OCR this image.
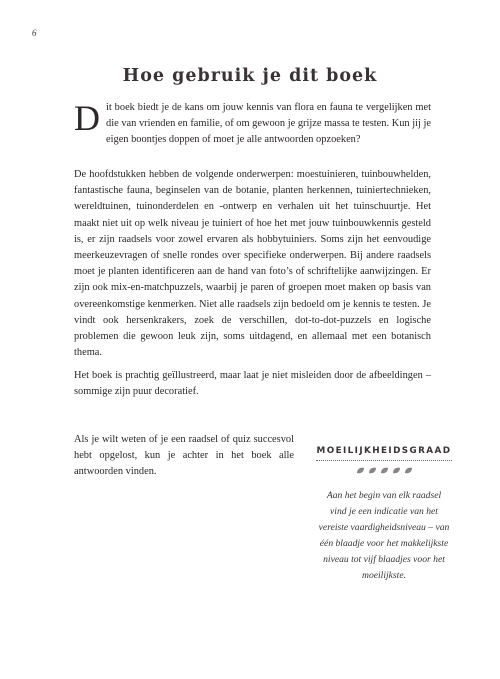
6
Hoe gebruik je dit boek
Dit boek biedt je de kans om jouw kennis van flora en fauna te vergelijken met die van vrienden en familie, of om gewoon je grijze massa te testen. Kun jij je eigen boontjes doppen of moet je alle antwoorden opzoeken?
De hoofdstukken hebben de volgende onderwerpen: moestuinieren, tuinbouwhelden, fantastische fauna, beginselen van de botanie, planten herkennen, tuiniertechnieken, wereldtuinen, tuinonderdelen en -ontwerp en verhalen uit het tuinschuurtje. Het maakt niet uit op welk niveau je tuiniert of hoe het met jouw tuinbouwkennis gesteld is, er zijn raadsels voor zowel ervaren als hobbytuiniers. Soms zijn het eenvoudige meerkeuzevragen of snelle rondes over specifieke onderwerpen. Bij andere raadsels moet je planten identificeren aan de hand van foto’s of schriftelijke aanwijzingen. Er zijn ook mix-en-matchpuzzels, waarbij je paren of groepen moet maken op basis van overeenkomstige kenmerken. Niet alle raadsels zijn bedoeld om je kennis te testen. Je vindt ook hersenkrakers, zoek de verschillen, dot-to-dot-puzzels en logische problemen die gewoon leuk zijn, soms uitdagend, en allemaal met een botanisch thema.
Het boek is prachtig geïllustreerd, maar laat je niet misleiden door de afbeeldingen – sommige zijn puur decoratief.
Als je wilt weten of je een raadsel of quiz succesvol hebt opgelost, kun je achter in het boek alle antwoorden vinden.
MOEILIJKHEIDSGRAAD
Aan het begin van elk raadsel vind je een indicatie van het vereiste vaardigheidsniveau – van één blaadje voor het makkelijkste niveau tot vijf blaadjes voor het moeilijkste.
